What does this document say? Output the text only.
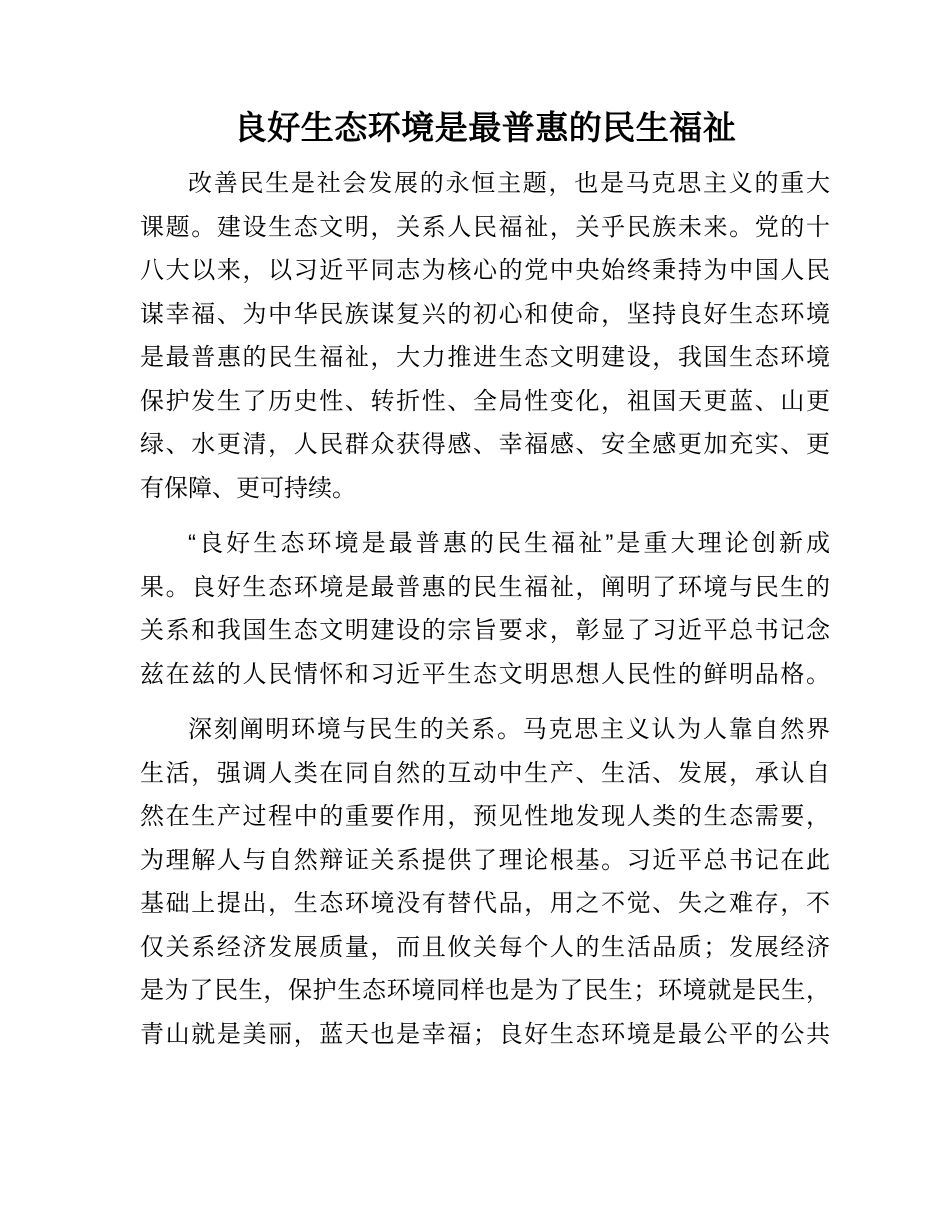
良好生态环境是最普惠的民生福祉
改善民生是社会发展的永恒主题，也是马克思主义的重大
课题。建设生态文明，关系人民福祉，关乎民族未来。党的十
八大以来，以习近平同志为核心的党中央始终秉持为中国人民
谋幸福、为中华民族谋复兴的初心和使命，坚持良好生态环境
是最普惠的民生福祉，大力推进生态文明建设，我国生态环境
保护发生了历史性、转折性、全局性变化，祖国天更蓝、山更
绿、水更清，人民群众获得感、幸福感、安全感更加充实、更
有保障、更可持续。
“良好生态环境是最普惠的民生福祉”是重大理论创新成
果。良好生态环境是最普惠的民生福祉，阐明了环境与民生的
关系和我国生态文明建设的宗旨要求，彰显了习近平总书记念
兹在兹的人民情怀和习近平生态文明思想人民性的鲜明品格。
深刻阐明环境与民生的关系。马克思主义认为人靠自然界
生活，强调人类在同自然的互动中生产、生活、发展，承认自
然在生产过程中的重要作用，预见性地发现人类的生态需要，
为理解人与自然辩证关系提供了理论根基。习近平总书记在此
基础上提出，生态环境没有替代品，用之不觉、失之难存，不
仅关系经济发展质量，而且攸关每个人的生活品质；发展经济
是为了民生，保护生态环境同样也是为了民生；环境就是民生，
青山就是美丽，蓝天也是幸福；良好生态环境是最公平的公共
